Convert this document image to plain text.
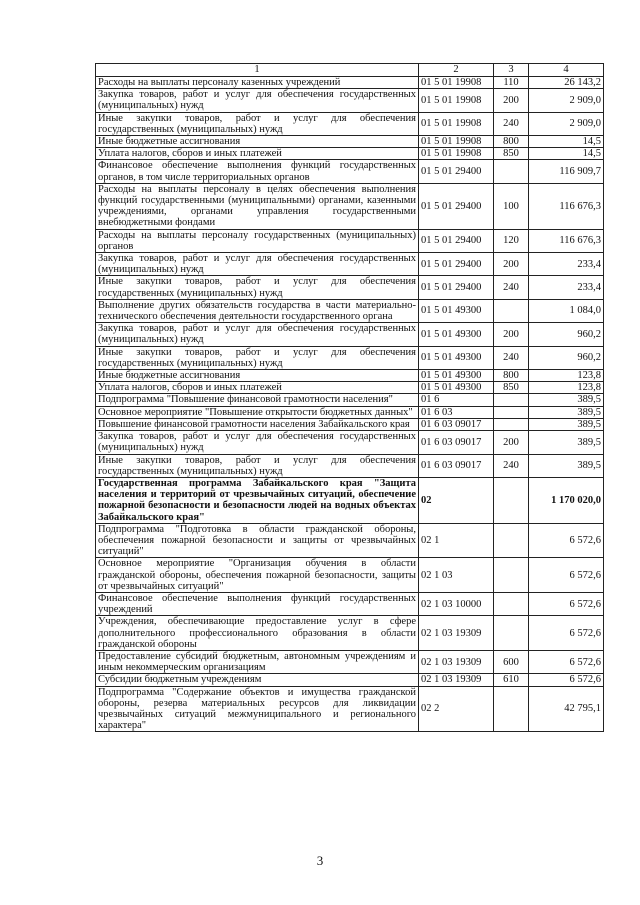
1	2	3	4
Расходы на выплаты персоналу казенных учреждений	01 5 01 19908	110	26 143,2
Закупка товаров, работ и услуг для обеспечения государственных (муниципальных) нужд	01 5 01 19908	200	2 909,0
Иные закупки товаров, работ и услуг для обеспечения государственных (муниципальных) нужд	01 5 01 19908	240	2 909,0
Иные бюджетные ассигнования	01 5 01 19908	800	14,5
Уплата налогов, сборов и иных платежей	01 5 01 19908	850	14,5
Финансовое обеспечение выполнения функций государственных органов, в том числе территориальных органов	01 5 01 29400		116 909,7
Расходы на выплаты персоналу в целях обеспечения выполнения функций государственными (муниципальными) органами, казенными учреждениями, органами управления государственными внебюджетными фондами	01 5 01 29400	100	116 676,3
Расходы на выплаты персоналу государственных (муниципальных) органов	01 5 01 29400	120	116 676,3
Закупка товаров, работ и услуг для обеспечения государственных (муниципальных) нужд	01 5 01 29400	200	233,4
Иные закупки товаров, работ и услуг для обеспечения государственных (муниципальных) нужд	01 5 01 29400	240	233,4
Выполнение других обязательств государства в части материально-технического обеспечения деятельности государственного органа	01 5 01 49300		1 084,0
Закупка товаров, работ и услуг для обеспечения государственных (муниципальных) нужд	01 5 01 49300	200	960,2
Иные закупки товаров, работ и услуг для обеспечения государственных (муниципальных) нужд	01 5 01 49300	240	960,2
Иные бюджетные ассигнования	01 5 01 49300	800	123,8
Уплата налогов, сборов и иных платежей	01 5 01 49300	850	123,8
Подпрограмма "Повышение финансовой грамотности населения"	01 6		389,5
Основное мероприятие "Повышение открытости бюджетных данных"	01 6 03		389,5
Повышение финансовой грамотности населения Забайкальского края	01 6 03 09017		389,5
Закупка товаров, работ и услуг для обеспечения государственных (муниципальных) нужд	01 6 03 09017	200	389,5
Иные закупки товаров, работ и услуг для обеспечения государственных (муниципальных) нужд	01 6 03 09017	240	389,5
Государственная программа Забайкальского края "Защита населения и территорий от чрезвычайных ситуаций, обеспечение пожарной безопасности и безопасности людей на водных объектах Забайкальского края"	02		1 170 020,0
Подпрограмма "Подготовка в области гражданской обороны, обеспечения пожарной безопасности и защиты от чрезвычайных ситуаций"	02 1		6 572,6
Основное мероприятие "Организация обучения в области гражданской обороны, обеспечения пожарной безопасности, защиты от чрезвычайных ситуаций"	02 1 03		6 572,6
Финансовое обеспечение выполнения функций государственных учреждений	02 1 03 10000		6 572,6
Учреждения, обеспечивающие предоставление услуг в сфере дополнительного профессионального образования в области гражданской обороны	02 1 03 19309		6 572,6
Предоставление субсидий бюджетным, автономным учреждениям и иным некоммерческим организациям	02 1 03 19309	600	6 572,6
Субсидии бюджетным учреждениям	02 1 03 19309	610	6 572,6
Подпрограмма "Содержание объектов и имущества гражданской обороны, резерва материальных ресурсов для ликвидации чрезвычайных ситуаций межмуниципального и регионального характера"	02 2		42 795,1
3
